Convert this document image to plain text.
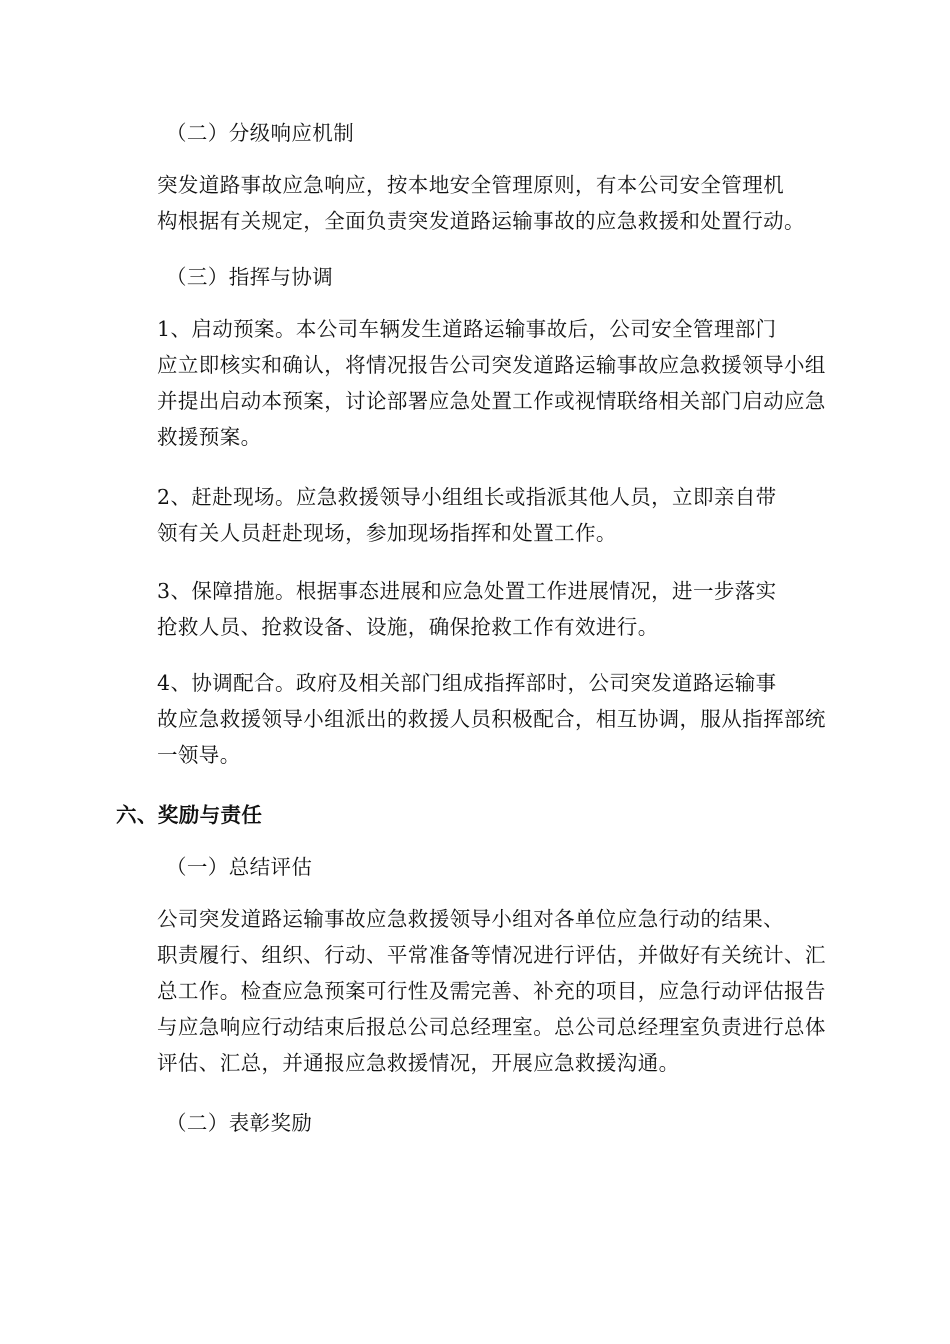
（二）分级响应机制

突发道路事故应急响应，按本地安全管理原则，有本公司安全管理机
构根据有关规定，全面负责突发道路运输事故的应急救援和处置行动。

（三）指挥与协调

1、启动预案。本公司车辆发生道路运输事故后，公司安全管理部门
应立即核实和确认，将情况报告公司突发道路运输事故应急救援领导小组
并提出启动本预案，讨论部署应急处置工作或视情联络相关部门启动应急
救援预案。

2、赶赴现场。应急救援领导小组组长或指派其他人员，立即亲自带
领有关人员赶赴现场，参加现场指挥和处置工作。

3、保障措施。根据事态进展和应急处置工作进展情况，进一步落实
抢救人员、抢救设备、设施，确保抢救工作有效进行。

4、协调配合。政府及相关部门组成指挥部时，公司突发道路运输事
故应急救援领导小组派出的救援人员积极配合，相互协调，服从指挥部统
一领导。

六、奖励与责任

（一）总结评估

公司突发道路运输事故应急救援领导小组对各单位应急行动的结果、
职责履行、组织、行动、平常准备等情况进行评估，并做好有关统计、汇
总工作。检查应急预案可行性及需完善、补充的项目，应急行动评估报告
与应急响应行动结束后报总公司总经理室。总公司总经理室负责进行总体
评估、汇总，并通报应急救援情况，开展应急救援沟通。

（二）表彰奖励
